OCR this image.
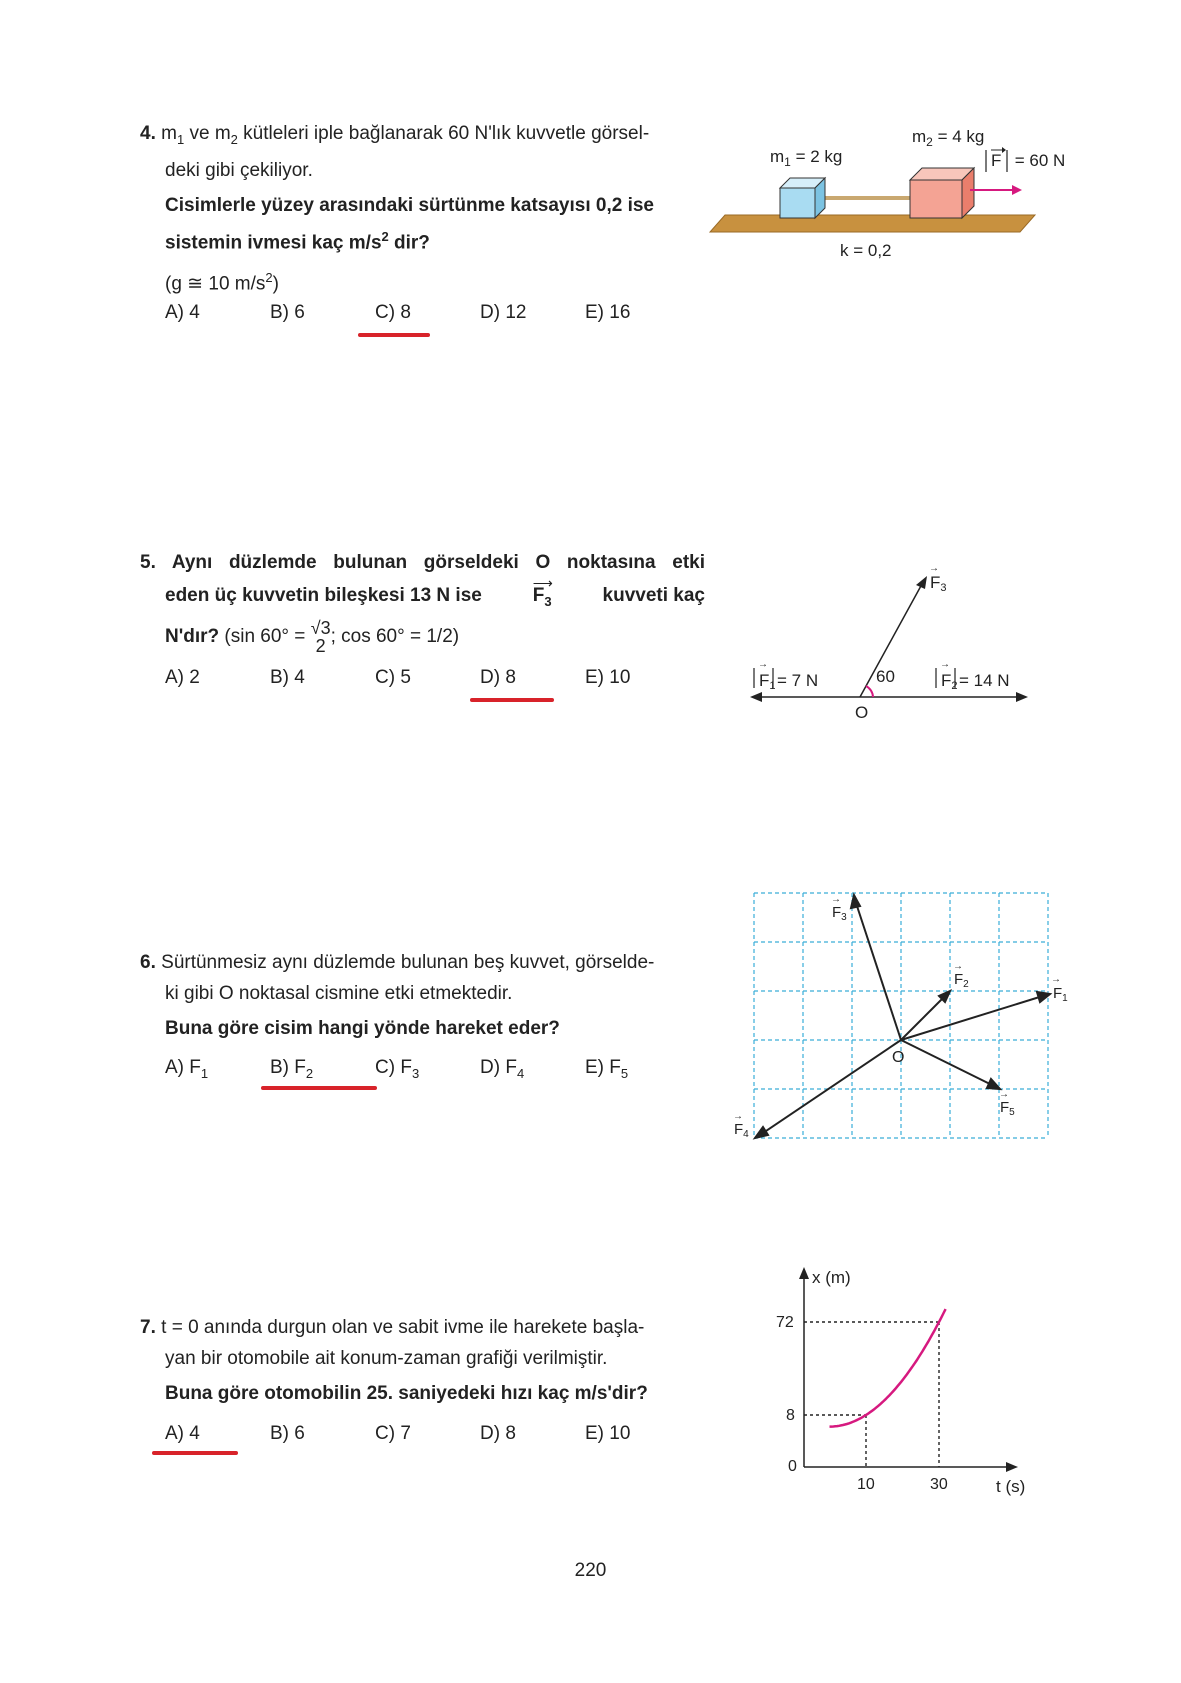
4. $m_1$ ve $m_2$ kütleleri iple bağlanarak 60 N'lık kuvvetle görsel-

deki gibi çekiliyor.

Cisimlerle yüzey arasındaki sürtünme katsayısı 0,2 ise

sistemin ivmesi kaç $m/s^2$ dir?

(g ≅ 10 $m/s^2$)

A) 4	B) 6	C) 8	D) 12	E) 16
$m_1 = 2$ kg
$m_2 = 4$ kg
F = 60 N
k = 0,2

5. Aynı düzlemde bulunan görseldeki O noktasına etki

eden üç kuvvetin bileşkesi 13 N ise
⟶
$F_3$	kuvveti kaç

N'dır? (sin 60° = √3
2 ; cos 60° = 1/2)

A) 2	B) 4	C) 5	D) 8	E) 10	60
O
F1
→
= 7 N	F2
→
= 14 N
F3
→

6. Sürtünmesiz aynı düzlemde bulunan beş kuvvet, görselde-

ki gibi O noktasal cismine etki etmektedir.

Buna göre cisim hangi yönde hareket eder?

A) $F_1$	B) $F_2$	C) $F_3$	D) $F_4$	E) $F_5$
O
$F_1$
→
$F_2$
→
$F_3$
→
$F_4$
→
$F_5$
→

7. t = 0 anında durgun olan ve sabit ivme ile harekete başla-

yan bir otomobile ait konum-zaman grafiği verilmiştir.

Buna göre otomobilin 25. saniyedeki hızı kaç m/s'dir?

A) 4	B) 6	C) 7	D) 8	E) 10
x (m)
t (s)
72
8
0
10	30
220
